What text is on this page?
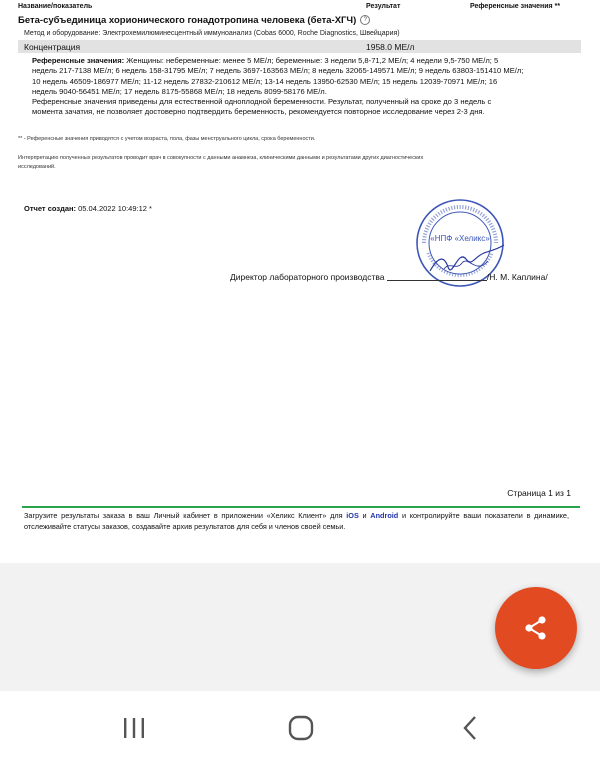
Название/показатель	Результат	Референсные значения **
Бета-субъединица хорионического гонадотропина человека (бета-ХГЧ) ?
Метод и оборудование: Электрохемилюминесцентный иммуноанализ (Cobas 6000, Roche Diagnostics, Швейцария)
Концентрация	1958.0 МЕ/л
Референсные значения: Женщины: небеременные: менее 5 МЕ/л; беременные: 3 недели 5,8-71,2 МЕ/л; 4 недели 9,5-750 МЕ/л; 5 недель 217-7138 МЕ/л; 6 недель 158-31795 МЕ/л; 7 недель 3697-163563 МЕ/л; 8 недель 32065-149571 МЕ/л; 9 недель 63803-151410 МЕ/л; 10 недель 46509-186977 МЕ/л; 11-12 недель 27832-210612 МЕ/л; 13-14 недель 13950-62530 МЕ/л; 15 недель 12039-70971 МЕ/л; 16 недель 9040-56451 МЕ/л; 17 недель 8175-55868 МЕ/л; 18 недель 8099-58176 МЕ/л.
Референсные значения приведены для естественной одноплодной беременности. Результат, полученный на сроке до 3 недель с момента зачатия, не позволяет достоверно подтвердить беременность, рекомендуется повторное исследование через 2-3 дня.
** - Референсные значения приводятся с учетом возраста, пола, фазы менструального цикла, срока беременности.
Интерпретацию полученных результатов проводит врач в совокупности с данными анамнеза, клиническими данными и результатами других диагностических исследований.
Отчет создан: 05.04.2022 10:49:12 *
«НПФ «Хеликс»
Директор лабораторного производства	/Н. М. Каплина/
Страница 1 из 1
Загрузите результаты заказа в ваш Личный кабинет в приложении «Хеликс Клиент» для iOS и Android и контролируйте ваши показатели в динамике, отслеживайте статусы заказов, создавайте архив результатов для себя и членов своей семьи.
